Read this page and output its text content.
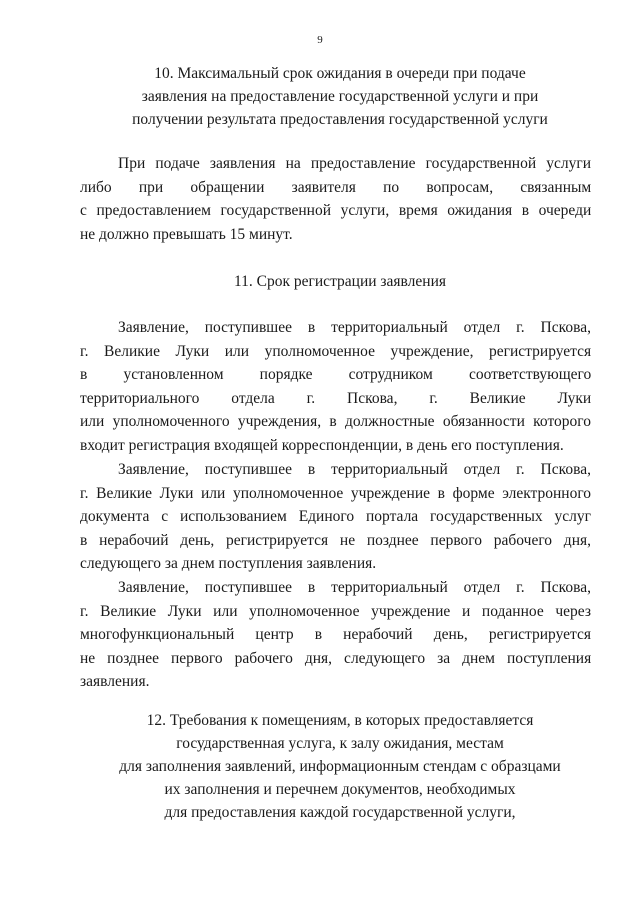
9
10. Максимальный срок ожидания в очереди при подаче
заявления на предоставление государственной услуги и при
получении результата предоставления государственной услуги
При подаче заявления на предоставление государственной услуги
либо при обращении заявителя по вопросам, связанным
с предоставлением государственной услуги, время ожидания в очереди
не должно превышать 15 минут.
11. Срок регистрации заявления
Заявление, поступившее в территориальный отдел г. Пскова,
г. Великие Луки или уполномоченное учреждение, регистрируется
в установленном порядке сотрудником соответствующего
территориального отдела г. Пскова, г. Великие Луки
или уполномоченного учреждения, в должностные обязанности которого
входит регистрация входящей корреспонденции, в день его поступления.
Заявление, поступившее в территориальный отдел г. Пскова,
г. Великие Луки или уполномоченное учреждение в форме электронного
документа с использованием Единого портала государственных услуг
в нерабочий день, регистрируется не позднее первого рабочего дня,
следующего за днем поступления заявления.
Заявление, поступившее в территориальный отдел г. Пскова,
г. Великие Луки или уполномоченное учреждение и поданное через
многофункциональный центр в нерабочий день, регистрируется
не позднее первого рабочего дня, следующего за днем поступления
заявления.
12. Требования к помещениям, в которых предоставляется
государственная услуга, к залу ожидания, местам
для заполнения заявлений, информационным стендам с образцами
их заполнения и перечнем документов, необходимых
для предоставления каждой государственной услуги,
